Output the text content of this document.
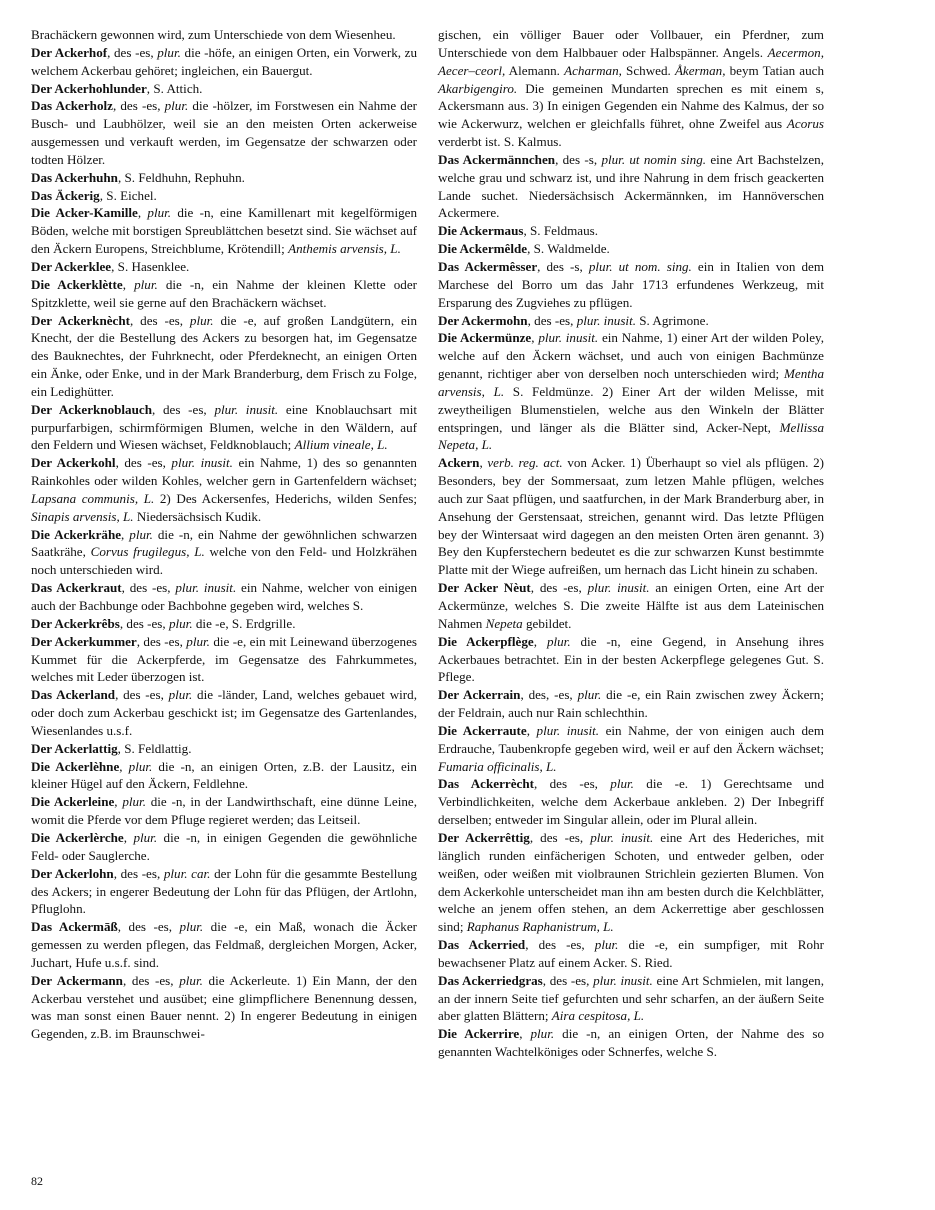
Brachäckern gewonnen wird, zum Unterschiede von dem Wiesenheu.

Der Ackerhof, des -es, plur. die -höfe, an einigen Orten, ein Vorwerk, zu welchem Ackerbau gehöret; ingleichen, ein Bauergut.

Der Ackerhohlunder, S. Attich.

Das Ackerholz, des -es, plur. die -hölzer, im Forstwesen ein Nahme der Busch- und Laubhölzer, weil sie an den meisten Orten ackerweise ausgemessen und verkauft werden, im Gegensatze der schwarzen oder todten Hölzer.

Das Ackerhuhn, S. Feldhuhn, Rephuhn.

Das Äckerig, S. Eichel.

Die Acker-Kamille, plur. die -n, eine Kamillenart mit kegelförmigen Böden, welche mit borstigen Spreublättchen besetzt sind. Sie wächset auf den Äckern Europens, Streichblume, Krötendill; Anthemis arvensis, L.

Der Ackerklee, S. Hasenklee.

Die Ackerklètte, plur. die -n, ein Nahme der kleinen Klette oder Spitzklette, weil sie gerne auf den Brachäckern wächset.

Der Ackerknècht, des -es, plur. die -e, auf großen Landgütern, ein Knecht, der die Bestellung des Ackers zu besorgen hat, im Gegensatze des Bauknechtes, der Fuhrknecht, oder Pferdeknecht, an einigen Orten ein Änke, oder Enke, und in der Mark Branderburg, dem Frisch zu Folge, ein Ledighütter.

Der Ackerknoblauch, des -es, plur. inusit. eine Knoblauchsart mit purpurfarbigen, schirmförmigen Blumen, welche in den Wäldern, auf den Feldern und Wiesen wächset, Feldknoblauch; Allium vineale, L.

Der Ackerkohl, des -es, plur. inusit. ein Nahme, 1) des so genannten Rainkohles oder wilden Kohles, welcher gern in Gartenfeldern wächset; Lapsana communis, L. 2) Des Ackersenfes, Hederichs, wilden Senfes; Sinapis arvensis, L. Niedersächsisch Kudik.

Die Ackerkrähe, plur. die -n, ein Nahme der gewöhnlichen schwarzen Saatkrähe, Corvus frugilegus, L. welche von den Feld- und Holzkrähen noch unterschieden wird.

Das Ackerkraut, des -es, plur. inusit. ein Nahme, welcher von einigen auch der Bachbunge oder Bachbohne gegeben wird, welches S.

Der Ackerkrêbs, des -es, plur. die -e, S. Erdgrille.

Der Ackerkummer, des -es, plur. die -e, ein mit Leinewand überzogenes Kummet für die Ackerpferde, im Gegensatze des Fahrkummetes, welches mit Leder überzogen ist.

Das Ackerland, des -es, plur. die -länder, Land, welches gebauet wird, oder doch zum Ackerbau geschickt ist; im Gegensatze des Gartenlandes, Wiesenlandes u.s.f.

Der Ackerlattig, S. Feldlattig.

Die Ackerlèhne, plur. die -n, an einigen Orten, z.B. der Lausitz, ein kleiner Hügel auf den Äckern, Feldlehne.

Die Ackerleine, plur. die -n, in der Landwirthschaft, eine dünne Leine, womit die Pferde vor dem Pfluge regieret werden; das Leitseil.

Die Ackerlèrche, plur. die -n, in einigen Gegenden die gewöhnliche Feld- oder Sauglerche.

Der Ackerlohn, des -es, plur. car. der Lohn für die gesammte Bestellung des Ackers; in engerer Bedeutung der Lohn für das Pflügen, der Artlohn, Pfluglohn.

Das Ackermāß, des -es, plur. die -e, ein Maß, wonach die Äcker gemessen zu werden pflegen, das Feldmaß, dergleichen Morgen, Acker, Juchart, Hufe u.s.f. sind.

Der Ackermann, des -es, plur. die Ackerleute. 1) Ein Mann, der den Ackerbau verstehet und ausübet; eine glimpflichere Benennung dessen, was man sonst einen Bauer nennt. 2) In engerer Bedeutung in einigen Gegenden, z.B. im Braunschwei-

gischen, ein völliger Bauer oder Vollbauer, ein Pferdner, zum Unterschiede von dem Halbbauer oder Halbspänner. Angels. Aecermon, Aecer–ceorl, Alemann. Acharman, Schwed. Åkerman, beym Tatian auch Akarbigengiro. Die gemeinen Mundarten sprechen es mit einem s, Ackersmann aus. 3) In einigen Gegenden ein Nahme des Kalmus, der so wie Ackerwurz, welchen er gleichfalls führet, ohne Zweifel aus Acorus verderbt ist. S. Kalmus.

Das Ackermännchen, des -s, plur. ut nomin sing. eine Art Bachstelzen, welche grau und schwarz ist, und ihre Nahrung in dem frisch geackerten Lande suchet. Niedersächsisch Ackermännken, im Hannöverschen Ackermere.

Die Ackermaus, S. Feldmaus.

Die Ackermêlde, S. Waldmelde.

Das Ackermêsser, des -s, plur. ut nom. sing. ein in Italien von dem Marchese del Borro um das Jahr 1713 erfundenes Werkzeug, mit Ersparung des Zugviehes zu pflügen.

Der Ackermohn, des -es, plur. inusit. S. Agrimone.

Die Ackermünze, plur. inusit. ein Nahme, 1) einer Art der wilden Poley, welche auf den Äckern wächset, und auch von einigen Bachmünze genannt, richtiger aber von derselben noch unterschieden wird; Mentha arvensis, L. S. Feldmünze. 2) Einer Art der wilden Melisse, mit zweytheiligen Blumenstielen, welche aus den Winkeln der Blätter entspringen, und länger als die Blätter sind, Acker-Nept, Mellissa Nepeta, L.

Ackern, verb. reg. act. von Acker. 1) Überhaupt so viel als pflügen. 2) Besonders, bey der Sommersaat, zum letzen Mahle pflügen, welches auch zur Saat pflügen, und saatfurchen, in der Mark Branderburg aber, in Ansehung der Gerstensaat, streichen, genannt wird. Das letzte Pflügen bey der Wintersaat wird dagegen an den meisten Orten ären genannt. 3) Bey den Kupferstechern bedeutet es die zur schwarzen Kunst bestimmte Platte mit der Wiege aufreißen, um hernach das Licht hinein zu schaben.

Der Acker Nèut, des -es, plur. inusit. an einigen Orten, eine Art der Ackermünze, welches S. Die zweite Hälfte ist aus dem Lateinischen Nahmen Nepeta gebildet.

Die Ackerpflège, plur. die -n, eine Gegend, in Ansehung ihres Ackerbaues betrachtet. Ein in der besten Ackerpflege gelegenes Gut. S. Pflege.

Der Ackerrain, des, -es, plur. die -e, ein Rain zwischen zwey Äckern; der Feldrain, auch nur Rain schlechthin.

Die Ackerraute, plur. inusit. ein Nahme, der von einigen auch dem Erdrauche, Taubenkropfe gegeben wird, weil er auf den Äckern wächset; Fumaria officinalis, L.

Das Ackerrècht, des -es, plur. die -e. 1) Gerechtsame und Verbindlichkeiten, welche dem Ackerbaue ankleben. 2) Der Inbegriff derselben; entweder im Singular allein, oder im Plural allein.

Der Ackerrêttig, des -es, plur. inusit. eine Art des Hederiches, mit länglich runden einfächerigen Schoten, und entweder gelben, oder weißen, oder weißen mit violbraunen Strichlein gezierten Blumen. Von dem Ackerkohle unterscheidet man ihn am besten durch die Kelchblätter, welche an jenem offen stehen, an dem Ackerrettige aber geschlossen sind; Raphanus Raphanistrum, L.

Das Ackerried, des -es, plur. die -e, ein sumpfiger, mit Rohr bewachsener Platz auf einem Acker. S. Ried.

Das Ackerriedgras, des -es, plur. inusit. eine Art Schmielen, mit langen, an der innern Seite tief gefurchten und sehr scharfen, an der äußern Seite aber glatten Blättern; Aira cespitosa, L.

Die Ackerrire, plur. die -n, an einigen Orten, der Nahme des so genannten Wachtelköniges oder Schnerfes, welche S.

82
